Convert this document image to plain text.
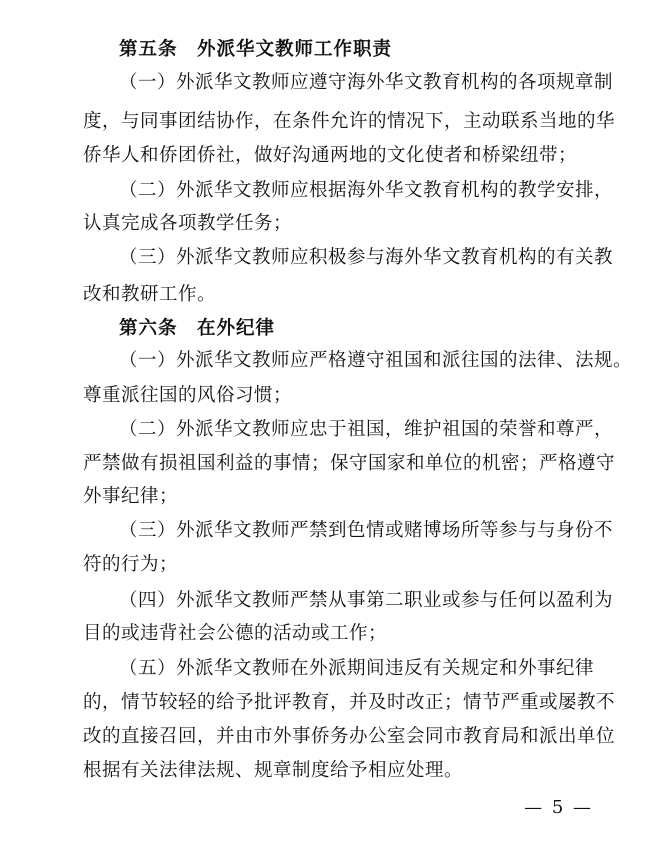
第五条　外派华文教师工作职责
（一）外派华文教师应遵守海外华文教育机构的各项规章制
度，与同事团结协作，在条件允许的情况下，主动联系当地的华
侨华人和侨团侨社，做好沟通两地的文化使者和桥梁纽带；
（二）外派华文教师应根据海外华文教育机构的教学安排，
认真完成各项教学任务；
（三）外派华文教师应积极参与海外华文教育机构的有关教
改和教研工作。
第六条　在外纪律
（一）外派华文教师应严格遵守祖国和派往国的法律、法规。
尊重派往国的风俗习惯；
（二）外派华文教师应忠于祖国，维护祖国的荣誉和尊严，
严禁做有损祖国利益的事情；保守国家和单位的机密；严格遵守
外事纪律；
（三）外派华文教师严禁到色情或赌博场所等参与与身份不
符的行为；
（四）外派华文教师严禁从事第二职业或参与任何以盈利为
目的或违背社会公德的活动或工作；
（五）外派华文教师在外派期间违反有关规定和外事纪律
的，情节较轻的给予批评教育，并及时改正；情节严重或屡教不
改的直接召回，并由市外事侨务办公室会同市教育局和派出单位
根据有关法律法规、规章制度给予相应处理。
— 5 —
